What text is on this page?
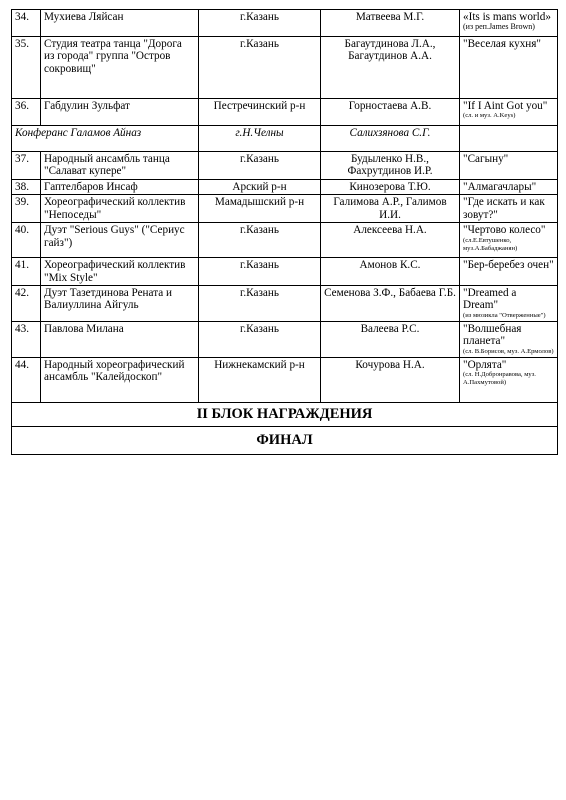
34.	Мухиева Ляйсан	г.Казань	Матвеева М.Г.	«Its is mans world»
(из реп.James Brown)

35.	Студия театра танца "Дорога из города" группа "Остров сокровищ"	г.Казань	Багаутдинова Л.А., Багаутдинов А.А.	"Веселая кухня"

36.	Габдулин Зульфат	Пестречинский р-н	Горностаева А.В.	"If I Aint Got you"
(сл. и муз. A.Keys)

Конферанс Галамов Айназ		г.Н.Челны	Салихзянова С.Г.	
37.	Народный ансамбль танца "Салават купере"	г.Казань	Будыленко Н.В., Фахрутдинов И.Р.	"Сагыну"

38.	Гаптелбаров Инсаф	Арский р-н	Кинозерова Т.Ю.	"Алмагачлары"

39.	Хореографический коллектив "Непоседы"	Мамадышский р-н	Галимова А.Р., Галимов И.И.	"Где искать и как зовут?"

40.	Дуэт "Serious Guys" ("Сериус гайз")	г.Казань	Алексеева Н.А.	"Чертово колесо"
(сл.Е.Евтушенко, муз.А.Бабаджанян)

41.	Хореографический коллектив "Mix Style"	г.Казань	Амонов К.С.	"Бер-беребез очен"

42.	Дуэт Тазетдинова Рената и Валиуллина Айгуль	г.Казань	Семенова З.Ф., Бабаева Г.Б.	"Dreamed a Dream"
(из мюзикла "Отверженные")

43.	Павлова Милана	г.Казань	Валеева Р.С.	"Волшебная планета"
(сл. В.Борисов, муз. А.Ермолов)

44.	Народный хореографический ансамбль "Калейдоскоп"	Нижнекамский р-н	Кочурова Н.А.	"Орлята"
(сл. Н.Добронравова, муз. А.Пахмутовой)

II БЛОК НАГРАЖДЕНИЯ				
ФИНАЛ				
